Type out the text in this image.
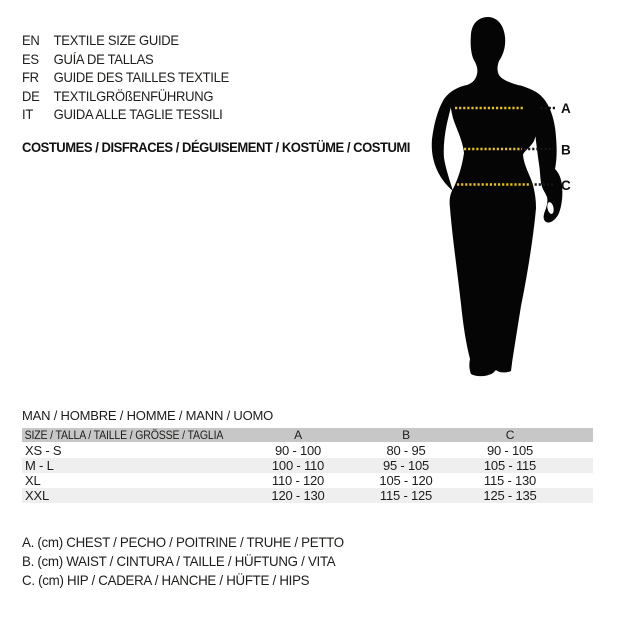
EN	TEXTILE SIZE GUIDE
ES	GUÍA DE TALLAS
FR	GUIDE DES TAILLES TEXTILE
DE	TEXTILGRÖßENFÜHRUNG
IT	GUIDA ALLE TAGLIE TESSILI
COSTUMES / DISFRACES / DÉGUISEMENT / KOSTÜME / COSTUMI
A
B
C
MAN / HOMBRE / HOMME / MANN / UOMO
SIZE / TALLA / TAILLE / GRÖSSE / TAGLIA	A	B	C	
XS - S	90 - 100	80 - 95	90 - 105	
M - L	100 - 110	95 - 105	105 - 115	
XL	110 - 120	105 - 120	115 - 130	
XXL	120 - 130	115 - 125	125 - 135	
A. (cm) CHEST / PECHO / POITRINE / TRUHE / PETTO
B. (cm) WAIST / CINTURA / TAILLE / HÜFTUNG / VITA
C. (cm) HIP / CADERA / HANCHE / HÜFTE / HIPS
